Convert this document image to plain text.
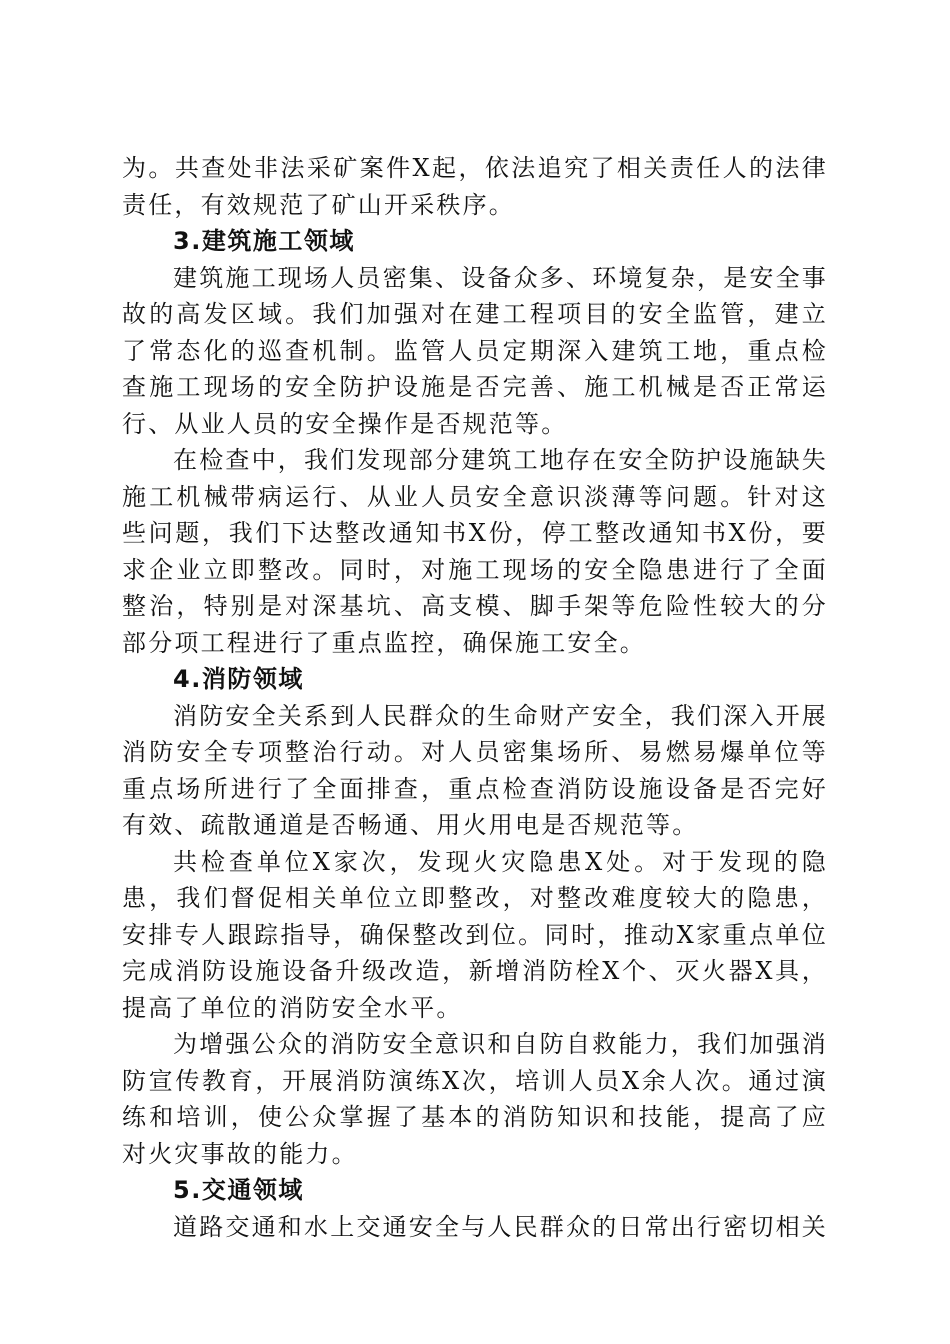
为。共查处非法采矿案件X起，依法追究了相关责任人的法律责任，有效规范了矿山开采秩序。

3.建筑施工领域

建筑施工现场人员密集、设备众多、环境复杂，是安全事故的高发区域。我们加强对在建工程项目的安全监管，建立了常态化的巡查机制。监管人员定期深入建筑工地，重点检查施工现场的安全防护设施是否完善、施工机械是否正常运行、从业人员的安全操作是否规范等。

在检查中，我们发现部分建筑工地存在安全防护设施缺失施工机械带病运行、从业人员安全意识淡薄等问题。针对这些问题，我们下达整改通知书X份，停工整改通知书X份，要求企业立即整改。同时，对施工现场的安全隐患进行了全面整治，特别是对深基坑、高支模、脚手架等危险性较大的分部分项工程进行了重点监控，确保施工安全。

4.消防领域

消防安全关系到人民群众的生命财产安全，我们深入开展消防安全专项整治行动。对人员密集场所、易燃易爆单位等重点场所进行了全面排查，重点检查消防设施设备是否完好有效、疏散通道是否畅通、用火用电是否规范等。

共检查单位X家次，发现火灾隐患X处。对于发现的隐患，我们督促相关单位立即整改，对整改难度较大的隐患，安排专人跟踪指导，确保整改到位。同时，推动X家重点单位完成消防设施设备升级改造，新增消防栓X个、灭火器X具，提高了单位的消防安全水平。

为增强公众的消防安全意识和自防自救能力，我们加强消防宣传教育，开展消防演练X次，培训人员X余人次。通过演练和培训，使公众掌握了基本的消防知识和技能，提高了应对火灾事故的能力。

5.交通领域

道路交通和水上交通安全与人民群众的日常出行密切相关
